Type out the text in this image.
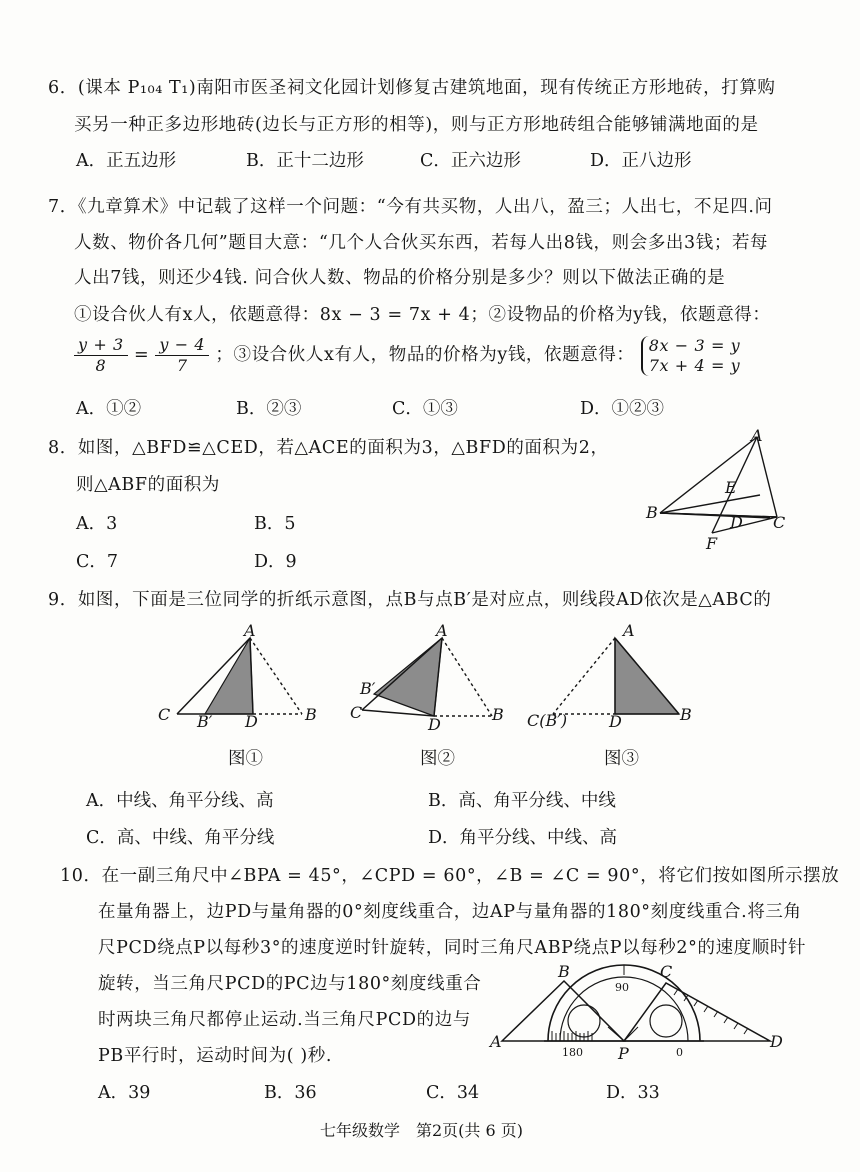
6．(课本 P₁₀₄ T₁)南阳市医圣祠文化园计划修复古建筑地面，现有传统正方形地砖，打算购
买另一种正多边形地砖(边长与正方形的相等)，则与正方形地砖组合能够铺满地面的是
A．正五边形	B．正十二边形	C．正六边形	D．正八边形
7．《九章算术》中记载了这样一个问题：“今有共买物，人出八，盈三；人出七，不足四.问
人数、物价各几何”题目大意：“几个人合伙买东西，若每人出8钱，则会多出3钱；若每
人出7钱，则还少4钱. 问合伙人数、物品的价格分别是多少？则以下做法正确的是
①设合伙人有x人，依题意得：8x − 3 = 7x + 4；②设物品的价格为y钱，依题意得：
$\frac{y + 3}{8} = \frac{y - 4}{7}$ ；③设合伙人x有人，物品的价格为y钱，依题意得： 8x − 3 = y
7x + 4 = y
A．①②	B．②③	C．①③	D．①②③
8．如图，△BFD≌△CED，若△ACE的面积为3，△BFD的面积为2，
则△ABF的面积为
A．3	B．5
C．7	D．9
A
E
B
D C
F
9．如图，下面是三位同学的折纸示意图，点B与点B′是对应点，则线段AD依次是△ABC的
A
C B′ D	B
图①
A
B′
C
D
B
图②
A
C(B′)	D	B
图③
A．中线、角平分线、高	B．高、角平分线、中线
C．高、中线、角平分线	D．角平分线、中线、高
10．在一副三角尺中∠BPA = 45°，∠CPD = 60°，∠B = ∠C = 90°，将它们按如图所示摆放
在量角器上，边PD与量角器的0°刻度线重合，边AP与量角器的180°刻度线重合.将三角
尺PCD绕点P以每秒3°的速度逆时针旋转，同时三角尺ABP绕点P以每秒2°的速度顺时针
旋转，当三角尺PCD的PC边与180°刻度线重合
时两块三角尺都停止运动.当三角尺PCD的边与
PB平行时，运动时间为( )秒.
B	C
A
P
D
90
180	0
A．39	B．36	C．34	D．33
七年级数学　第2页(共 6 页)
